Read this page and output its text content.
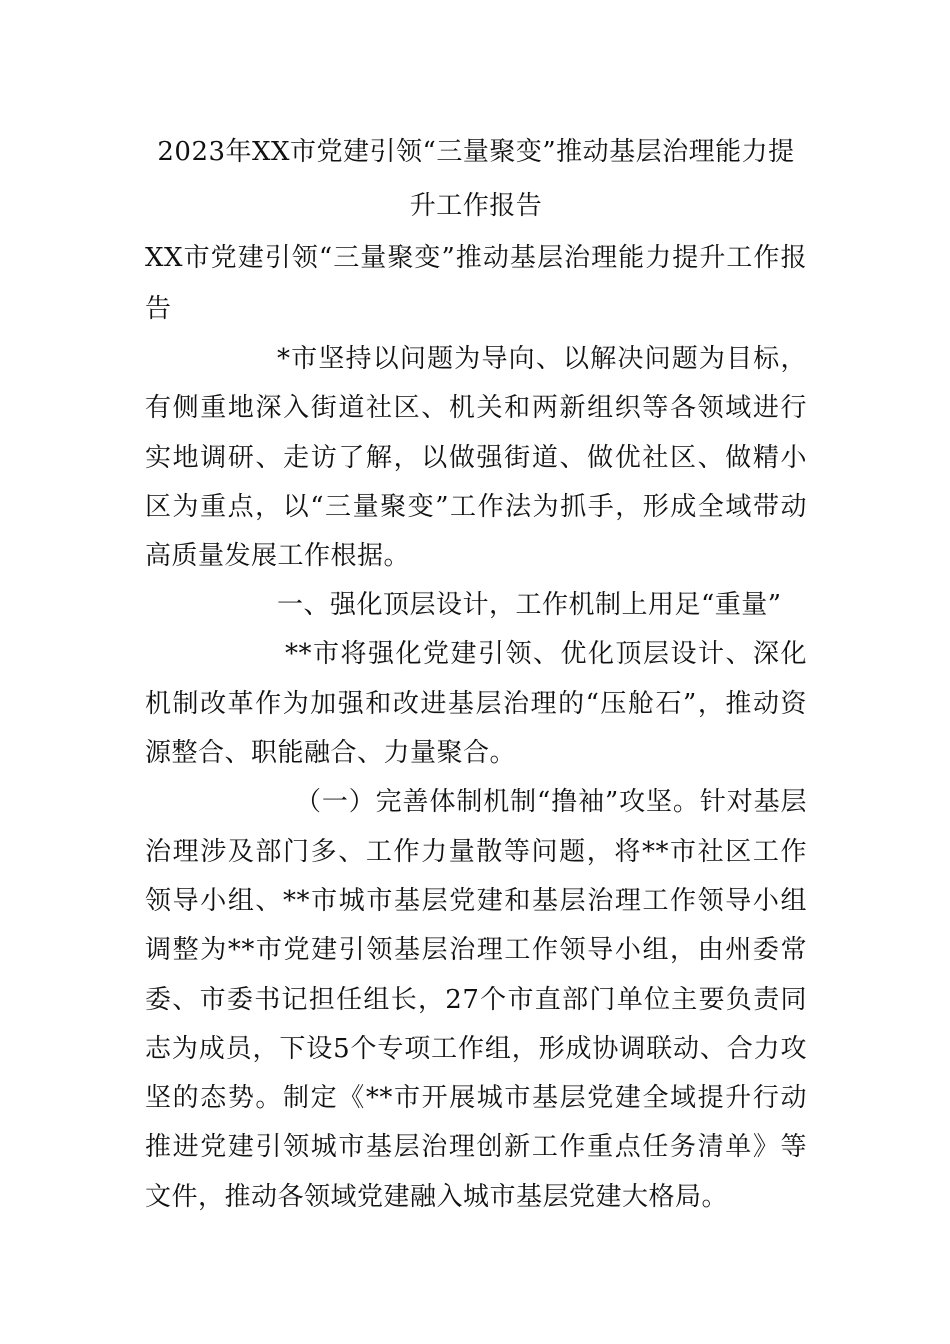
2023年XX市党建引领“三量聚变”推动基层治理能力提升工作报告

XX市党建引领“三量聚变”推动基层治理能力提升工作报告

*市坚持以问题为导向、以解决问题为目标，有侧重地深入街道社区、机关和两新组织等各领域进行实地调研、走访了解，以做强街道、做优社区、做精小区为重点，以“三量聚变”工作法为抓手，形成全域带动高质量发展工作根据。

一、强化顶层设计，工作机制上用足“重量”

**市将强化党建引领、优化顶层设计、深化机制改革作为加强和改进基层治理的“压舱石”，推动资源整合、职能融合、力量聚合。

（一）完善体制机制“撸袖”攻坚。针对基层治理涉及部门多、工作力量散等问题，将**市社区工作领导小组、**市城市基层党建和基层治理工作领导小组调整为**市党建引领基层治理工作领导小组，由州委常委、市委书记担任组长，27个市直部门单位主要负责同志为成员，下设5个专项工作组，形成协调联动、合力攻坚的态势。制定《**市开展城市基层党建全域提升行动推进党建引领城市基层治理创新工作重点任务清单》等文件，推动各领域党建融入城市基层党建大格局。
